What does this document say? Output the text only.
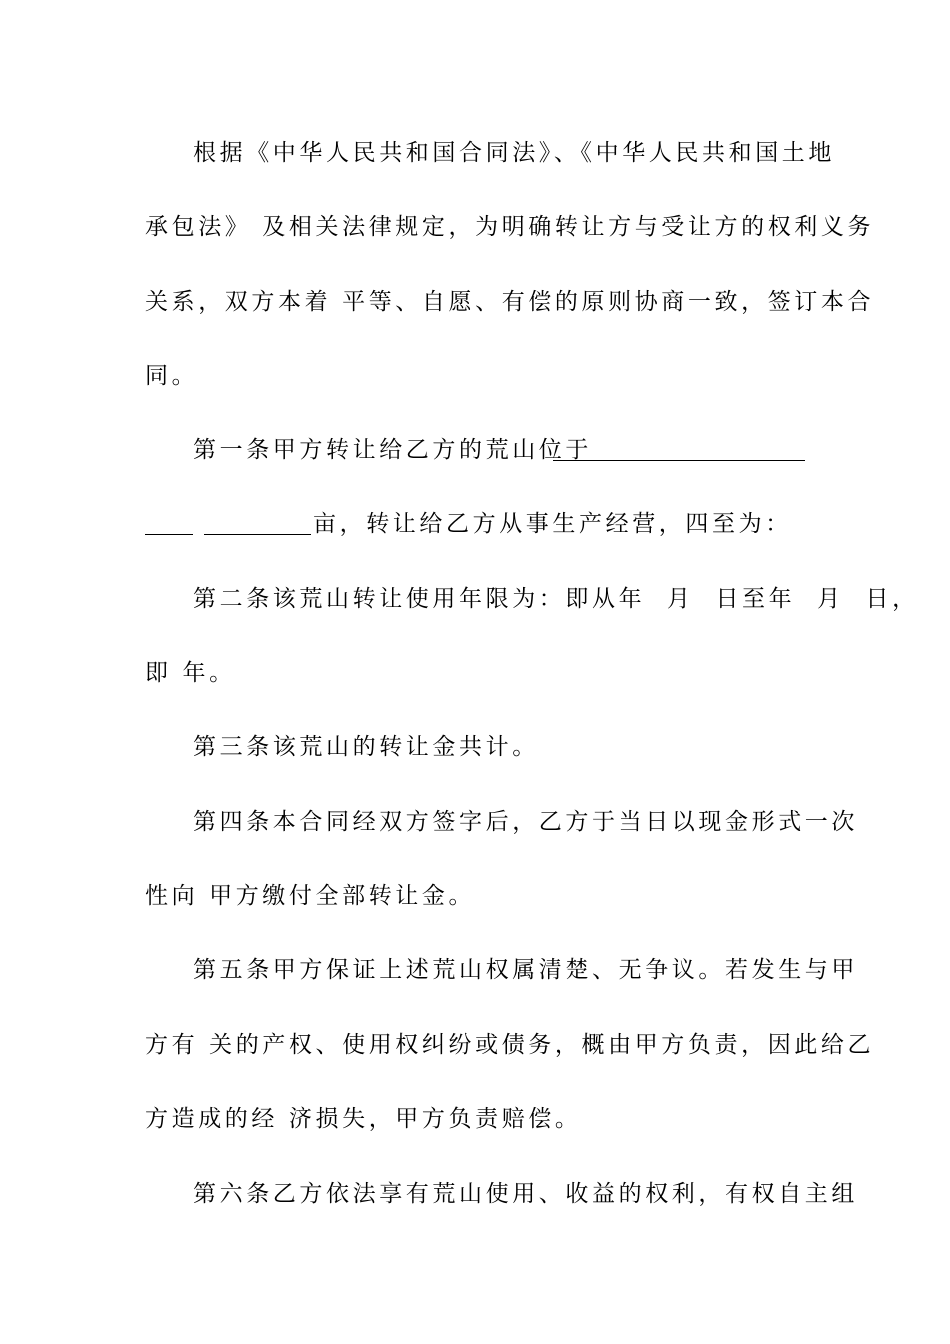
根据《中华人民共和国合同法》、《中华人民共和国土地
承包法》 及相关法律规定，为明确转让方与受让方的权利义务
关系，双方本着 平等、自愿、有偿的原则协商一致，签订本合
同。
第一条甲方转让给乙方的荒山位于
亩，转让给乙方从事生产经营，四至为：
第二条该荒山转让使用年限为：即从年  月  日至年  月  日，
即 年。
第三条该荒山的转让金共计。
第四条本合同经双方签字后，乙方于当日以现金形式一次
性向 甲方缴付全部转让金。
第五条甲方保证上述荒山权属清楚、无争议。若发生与甲
方有 关的产权、使用权纠纷或债务，概由甲方负责，因此给乙
方造成的经 济损失，甲方负责赔偿。
第六条乙方依法享有荒山使用、收益的权利，有权自主组
